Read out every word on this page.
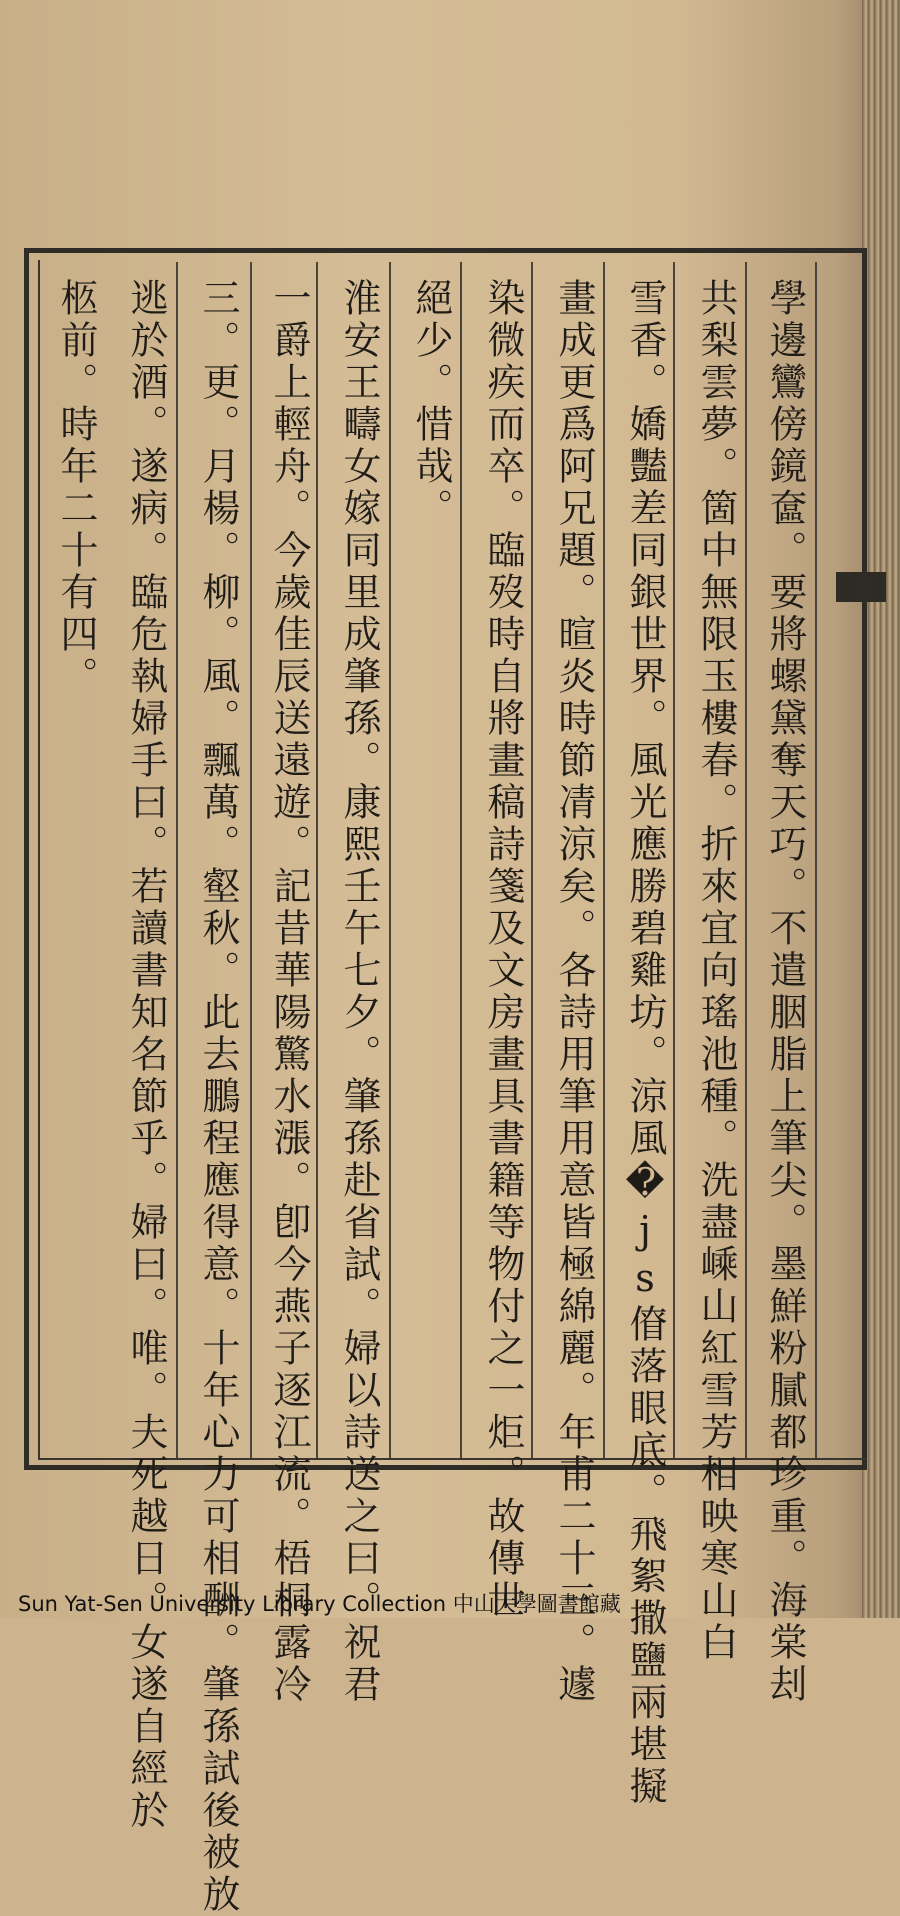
學邊鸞傍鏡奩。要將螺黛奪天巧。不遣胭脂上筆尖。墨鮮粉膩都珍重。海棠刦
共梨雲夢。箇中無限玉樓春。折來宜向瑤池種。洗盡嵊山紅雪芳相映寒山白
雪香。嬌豔差同銀世界。風光應勝碧雞坊。涼風�js傄落眼底。飛絮撒鹽兩堪擬
畫成更爲阿兄題。暄炎時節凊涼矣。各詩用筆用意皆極綿麗。年甫二十三。遽
染微疾而卒。臨歿時自將畫稿詩箋及文房畫具書籍等物付之一炬。故傳世
絕少。惜哉。
淮安王疇女嫁同里成肇孫。康熙壬午七夕。肇孫赴省試。婦以詩送之曰。祝君
一爵上輕舟。今歲佳辰送遠遊。記昔華陽驚水漲。卽今燕子逐江流。梧桐露冷
三。更。月楊。柳。風。飄萬。壑秋。此去鵬程應得意。十年心力可相酬。肇孫試後被放
逃於酒。遂病。臨危執婦手曰。若讀書知名節乎。婦曰。唯。夫死越日。女遂自經於
柩前。時年二十有四。
Sun Yat-Sen University Library Collection 中山大學圖書館藏
